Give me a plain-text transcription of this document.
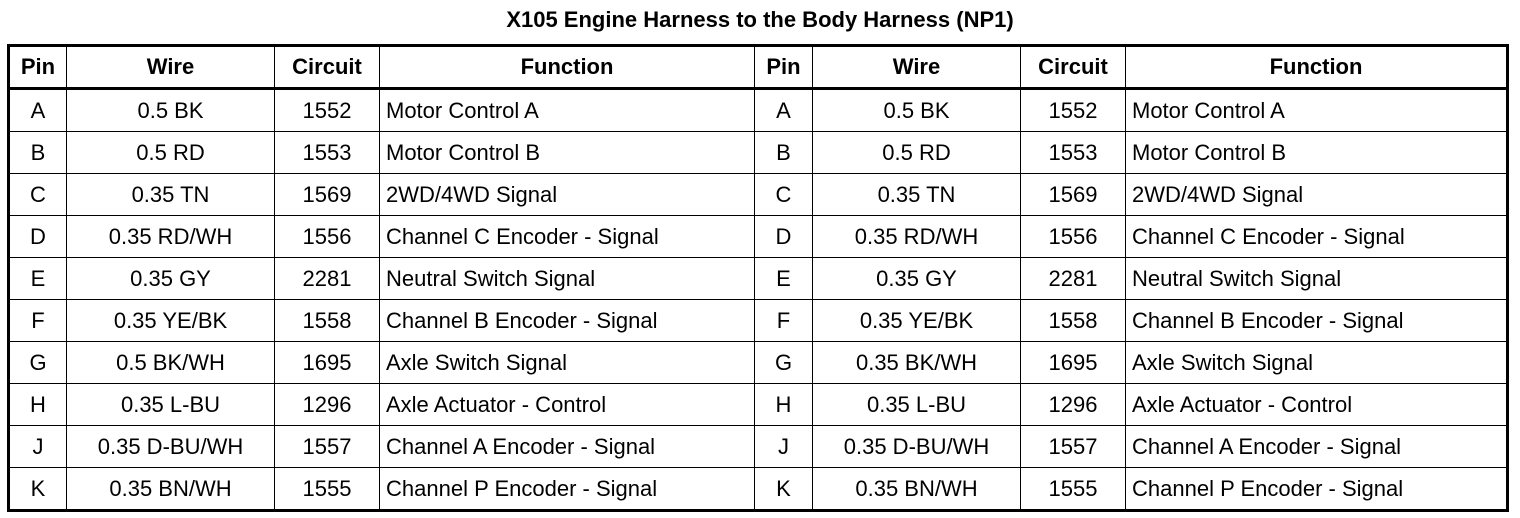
X105 Engine Harness to the Body Harness (NP1)
Pin	Wire	Circuit	Function	Pin	Wire	Circuit	Function
A	0.5 BK	1552	Motor Control A	A	0.5 BK	1552	Motor Control A
B	0.5 RD	1553	Motor Control B	B	0.5 RD	1553	Motor Control B
C	0.35 TN	1569	2WD/4WD Signal	C	0.35 TN	1569	2WD/4WD Signal
D	0.35 RD/WH	1556	Channel C Encoder - Signal	D	0.35 RD/WH	1556	Channel C Encoder - Signal
E	0.35 GY	2281	Neutral Switch Signal	E	0.35 GY	2281	Neutral Switch Signal
F	0.35 YE/BK	1558	Channel B Encoder - Signal	F	0.35 YE/BK	1558	Channel B Encoder - Signal
G	0.5 BK/WH	1695	Axle Switch Signal	G	0.35 BK/WH	1695	Axle Switch Signal
H	0.35 L-BU	1296	Axle Actuator - Control	H	0.35 L-BU	1296	Axle Actuator - Control
J	0.35 D-BU/WH	1557	Channel A Encoder - Signal	J	0.35 D-BU/WH	1557	Channel A Encoder - Signal
K	0.35 BN/WH	1555	Channel P Encoder - Signal	K	0.35 BN/WH	1555	Channel P Encoder - Signal
